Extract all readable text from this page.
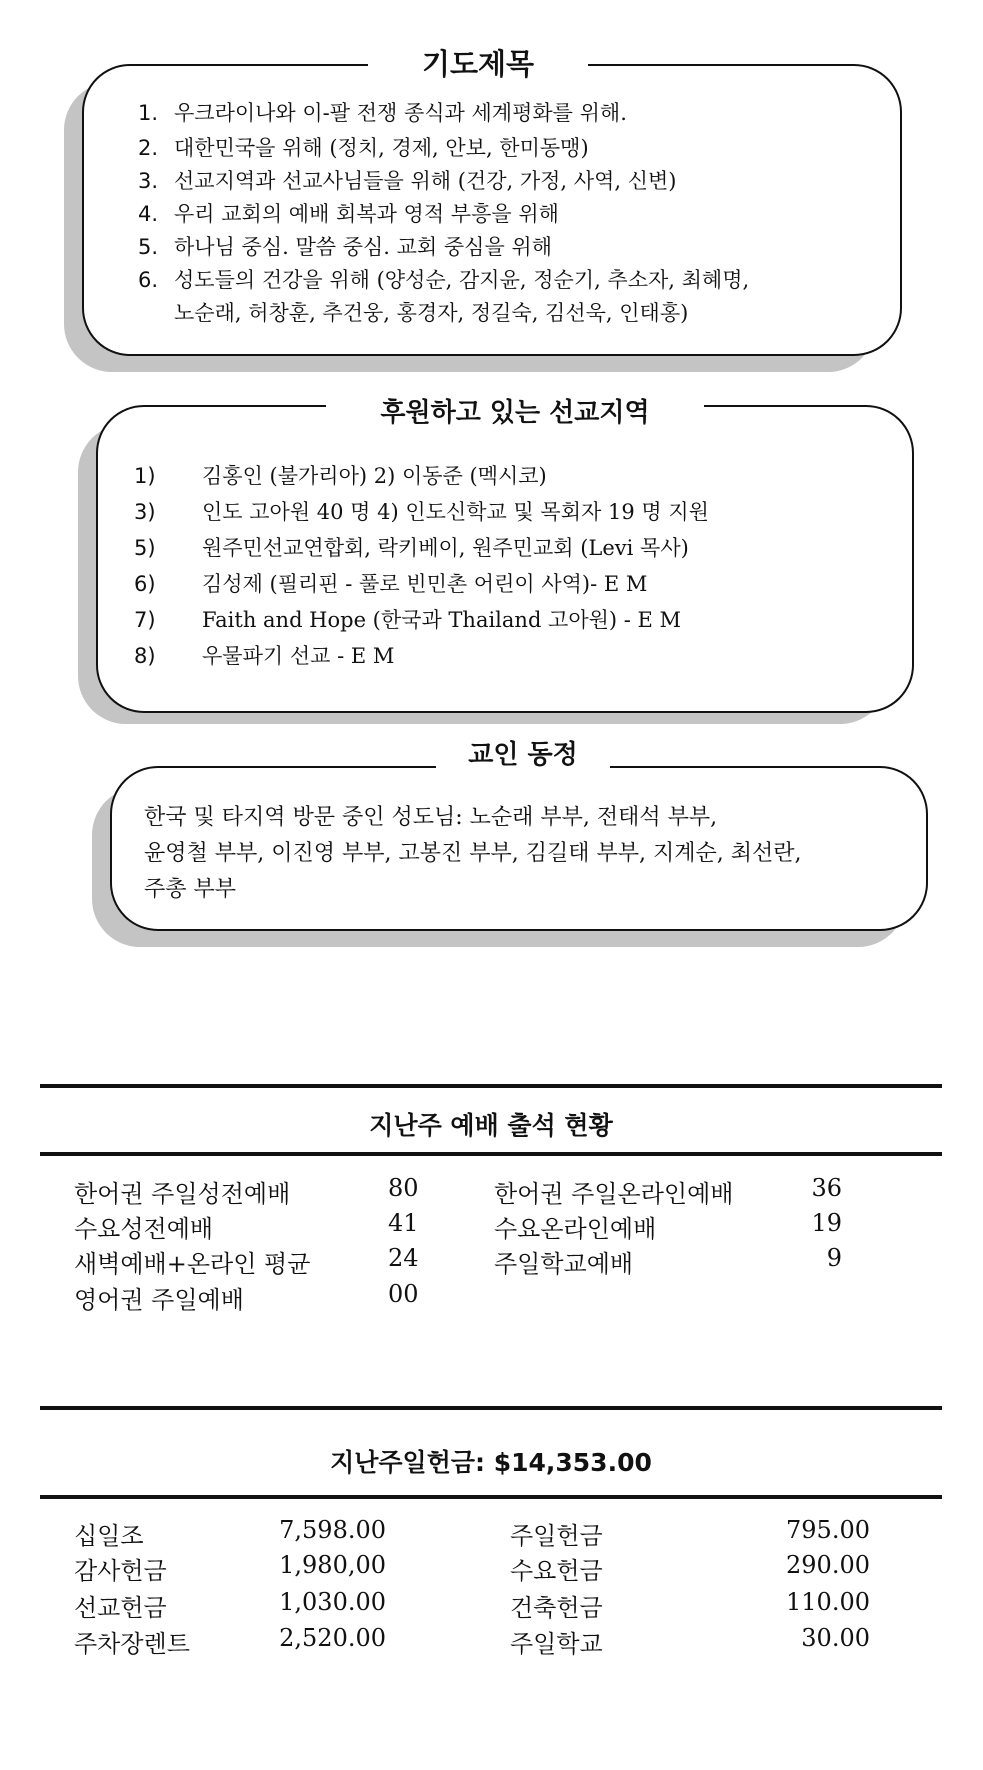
기도제목
1. 우크라이나와 이-팔 전쟁 종식과 세계평화를 위해.
2. 대한민국을 위해 (정치, 경제, 안보, 한미동맹)
3. 선교지역과 선교사님들을 위해 (건강, 가정, 사역, 신변)
4. 우리 교회의 예배 회복과 영적 부흥을 위해
5. 하나님 중심. 말씀 중심. 교회 중심을 위해
6. 성도들의 건강을 위해 (양성순, 감지윤, 정순기, 추소자, 최혜명,
노순래, 허창훈, 추건웅, 홍경자, 정길숙, 김선욱, 인태홍)
후원하고 있는 선교지역
1) 김홍인 (불가리아) 2) 이동준 (멕시코)
3) 인도 고아원 40 명 4) 인도신학교 및 목회자 19 명 지원
5) 원주민선교연합회, 락키베이, 원주민교회 (Levi 목사)
6) 김성제 (필리핀 - 풀로 빈민촌 어린이 사역)- E M
7) Faith and Hope (한국과 Thailand 고아원) - E M
8) 우물파기 선교 - E M
교인 동정
한국 및 타지역 방문 중인 성도님: 노순래 부부, 전태석 부부,
윤영철 부부, 이진영 부부, 고봉진 부부, 김길태 부부, 지계순, 최선란,
주총 부부
지난주 예배 출석 현황
한어권 주일성전예배	80
수요성전예배	41
새벽예배+온라인 평균	24
영어권 주일예배	00
한어권 주일온라인예배	36
수요온라인예배	19
주일학교예배	9
지난주일헌금: $14,353.00
십일조	7,598.00
감사헌금	1,980,00
선교헌금	1,030.00
주차장렌트	2,520.00
주일헌금	795.00
수요헌금	290.00
건축헌금	110.00
주일학교	30.00
